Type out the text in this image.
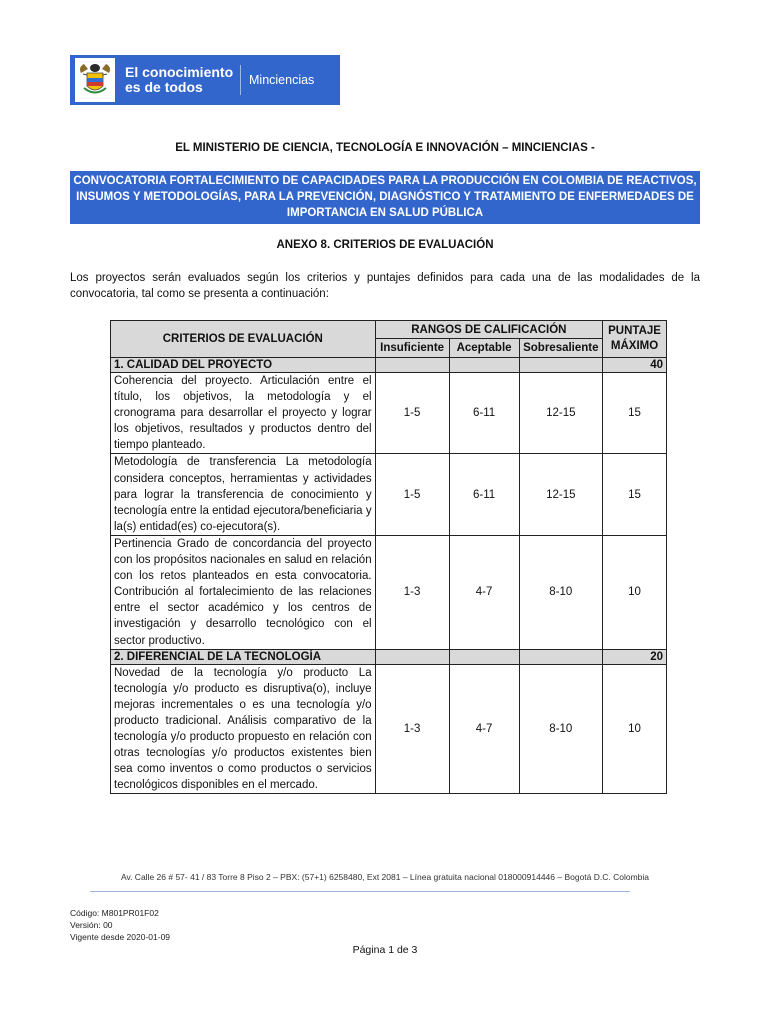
El conocimiento
es de todos	Minciencias
EL MINISTERIO DE CIENCIA, TECNOLOGÍA E INNOVACIÓN – MINCIENCIAS -
CONVOCATORIA FORTALECIMIENTO DE CAPACIDADES PARA LA PRODUCCIÓN EN COLOMBIA DE REACTIVOS,
INSUMOS Y METODOLOGÍAS, PARA LA PREVENCIÓN, DIAGNÓSTICO Y TRATAMIENTO DE ENFERMEDADES DE
IMPORTANCIA EN SALUD PÚBLICA
ANEXO 8. CRITERIOS DE EVALUACIÓN
Los proyectos serán evaluados según los criterios y puntajes definidos para cada una de las modalidades de la convocatoria, tal como se presenta a continuación:
CRITERIOS DE EVALUACIÓN	RANGOS DE CALIFICACIÓN			PUNTAJE
MÁXIMO

	Insuficiente	Aceptable	Sobresaliente	
1. CALIDAD DEL PROYECTO				40
Coherencia del proyecto. Articulación entre el título, los objetivos, la metodología y el cronograma para desarrollar el proyecto y lograr los objetivos, resultados y productos dentro del tiempo planteado.	1-5	6-11	12-15	15
Metodología de transferencia La metodología considera conceptos, herramientas y actividades para lograr la transferencia de conocimiento y tecnología entre la entidad ejecutora/beneficiaria y la(s) entidad(es) co-ejecutora(s).	1-5	6-11	12-15	15
Pertinencia Grado de concordancia del proyecto con los propósitos nacionales en salud en relación con los retos planteados en esta convocatoria. Contribución al fortalecimiento de las relaciones entre el sector académico y los centros de investigación y desarrollo tecnológico con el sector productivo.	1-3	4-7	8-10	10
2. DIFERENCIAL DE LA TECNOLOGÍA				20
Novedad de la tecnología y/o producto La tecnología y/o producto es disruptiva(o), incluye mejoras incrementales o es una tecnología y/o producto tradicional. Análisis comparativo de la tecnología y/o producto propuesto en relación con otras tecnologías y/o productos existentes bien sea como inventos o como productos o servicios tecnológicos disponibles en el mercado.	1-3	4-7	8-10	10
Av. Calle 26 # 57- 41 / 83 Torre 8 Piso 2 – PBX: (57+1) 6258480, Ext 2081 – Línea gratuita nacional 018000914446 – Bogotá D.C. Colombia
Código: M801PR01F02
Versión: 00
Vigente desde 2020-01-09
Página 1 de 3
